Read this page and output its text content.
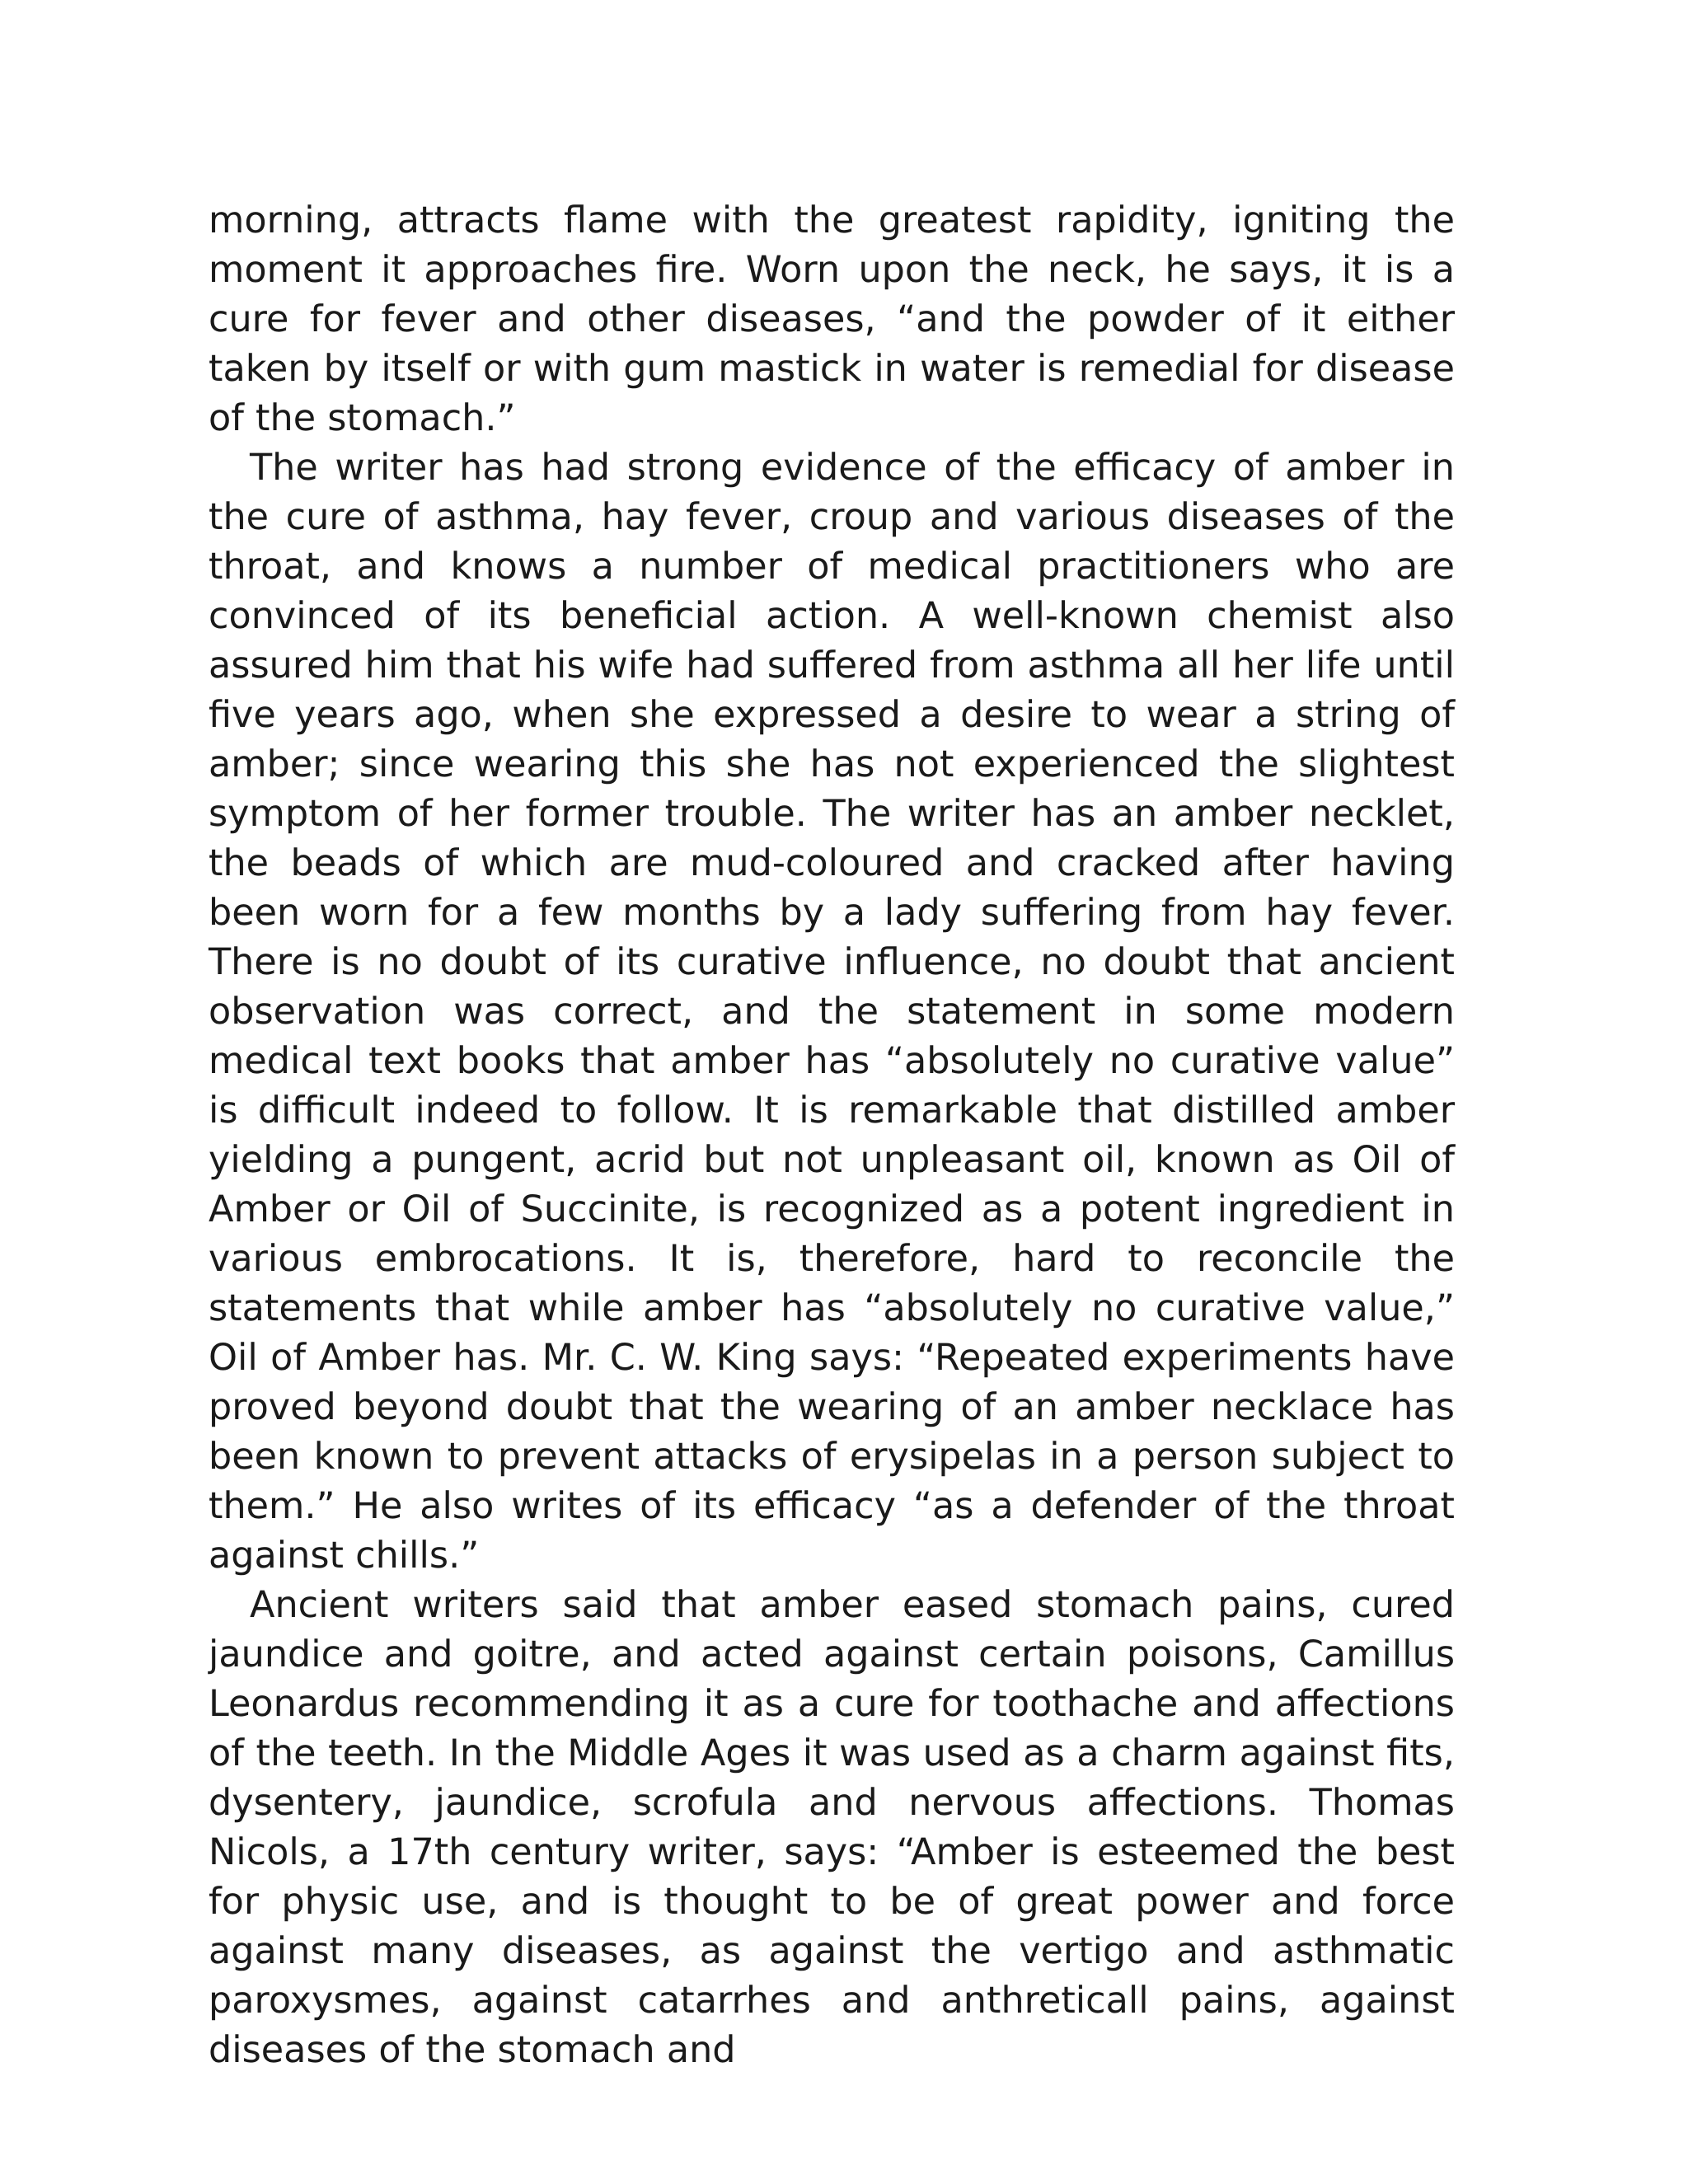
morning, attracts flame with the greatest rapidity, igniting the moment it approaches fire. Worn upon the neck, he says, it is a cure for fever and other diseases, “and the powder of it either taken by itself or with gum mastick in water is remedial for disease of the stomach.”

The writer has had strong evidence of the efficacy of amber in the cure of asthma, hay fever, croup and various diseases of the throat, and knows a number of medical practitioners who are convinced of its beneficial action. A well-known chemist also assured him that his wife had suffered from asthma all her life until five years ago, when she expressed a desire to wear a string of amber; since wearing this she has not experienced the slightest symptom of her former trouble. The writer has an amber necklet, the beads of which are mud-coloured and cracked after having been worn for a few months by a lady suffering from hay fever. There is no doubt of its curative influence, no doubt that ancient observation was correct, and the statement in some modern medical text books that amber has “absolutely no curative value” is difficult indeed to follow. It is remarkable that distilled amber yielding a pungent, acrid but not unpleasant oil, known as Oil of Amber or Oil of Succinite, is recognized as a potent ingredient in various embrocations. It is, therefore, hard to reconcile the statements that while amber has “absolutely no curative value,” Oil of Amber has. Mr. C. W. King says: “Repeated experiments have proved beyond doubt that the wearing of an amber necklace has been known to prevent attacks of erysipelas in a person subject to them.” He also writes of its efficacy “as a defender of the throat against chills.”

Ancient writers said that amber eased stomach pains, cured jaundice and goitre, and acted against certain poisons, Camillus Leonardus recommending it as a cure for toothache and affections of the teeth. In the Middle Ages it was used as a charm against fits, dysentery, jaundice, scrofula and nervous affections. Thomas Nicols, a 17th century writer, says: “Amber is esteemed the best for physic use, and is thought to be of great power and force against many diseases, as against the vertigo and asthmatic paroxysmes, against catarrhes and anthreticall pains, against diseases of the stomach and
